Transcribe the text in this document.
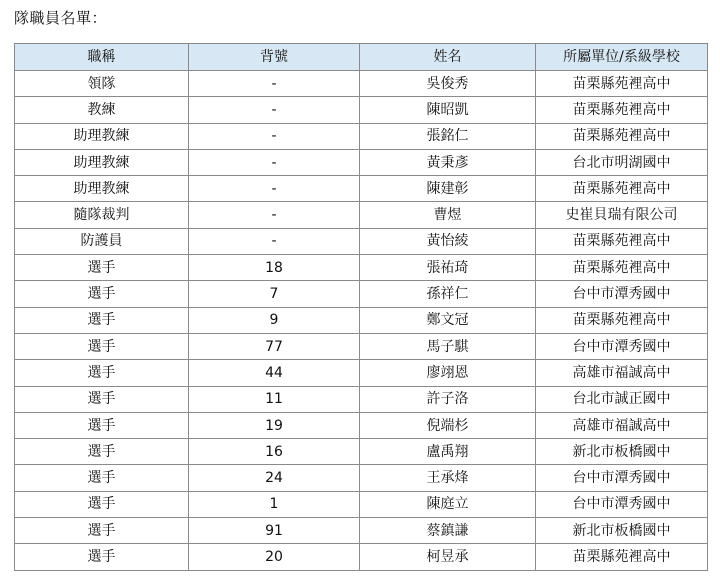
隊職員名單：
職稱	背號	姓名	所屬單位/系級學校
領隊	-	吳俊秀	苗栗縣苑裡高中
教練	-	陳昭凱	苗栗縣苑裡高中
助理教練	-	張銘仁	苗栗縣苑裡高中
助理教練	-	黃秉彥	台北市明湖國中
助理教練	-	陳建彰	苗栗縣苑裡高中
隨隊裁判	-	曹煜	史崔貝瑞有限公司
防護員	-	黃怡綾	苗栗縣苑裡高中
選手	18	張祐琦	苗栗縣苑裡高中
選手	7	孫祥仁	台中市潭秀國中
選手	9	鄭文冠	苗栗縣苑裡高中
選手	77	馬子騏	台中市潭秀國中
選手	44	廖翊恩	高雄市福誠高中
選手	11	許子洛	台北市誠正國中
選手	19	倪端杉	高雄市福誠高中
選手	16	盧禹翔	新北市板橋國中
選手	24	王承烽	台中市潭秀國中
選手	1	陳庭立	台中市潭秀國中
選手	91	蔡鎮謙	新北市板橋國中
選手	20	柯昱承	苗栗縣苑裡高中
